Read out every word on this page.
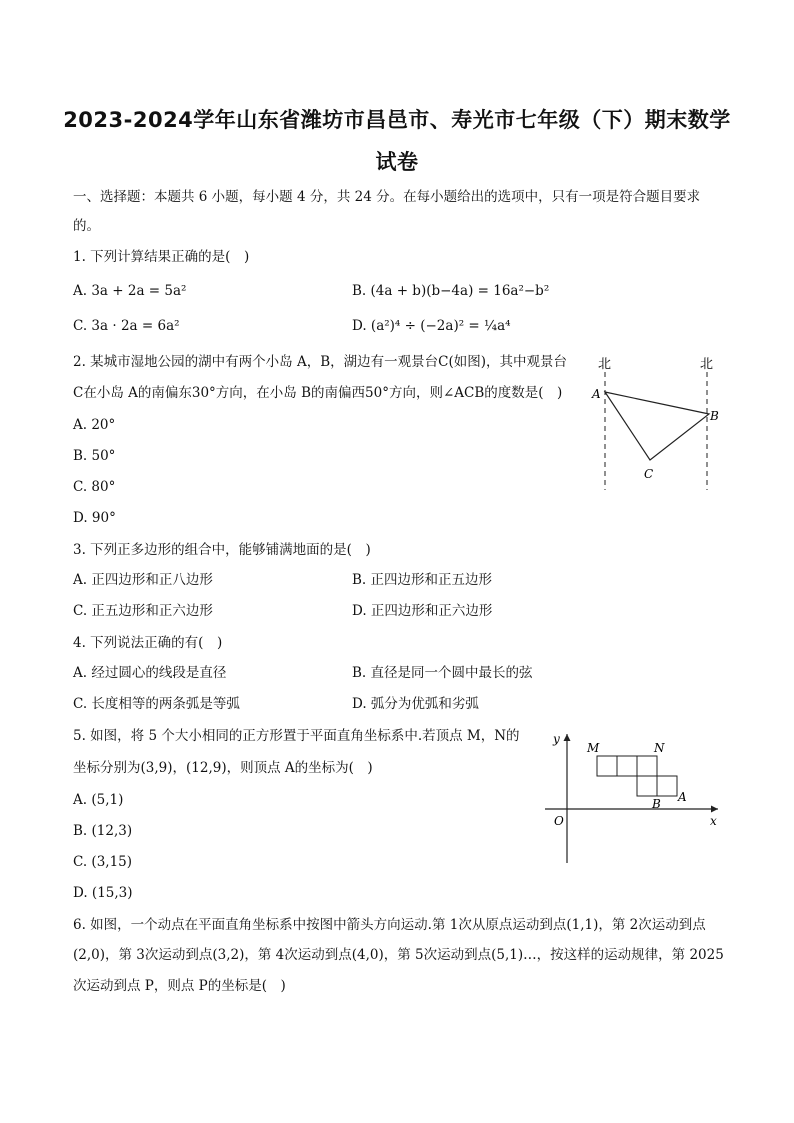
2023-2024学年山东省潍坊市昌邑市、寿光市七年级（下）期末数学
试卷
一、选择题：本题共 6 小题，每小题 4 分，共 24 分。在每小题给出的选项中，只有一项是符合题目要求
的。
1. 下列计算结果正确的是(　)
A. 3a + 2a = 5a²	B. (4a + b)(b−4a) = 16a²−b²
C. 3a · 2a = 6a²	D. (a²)⁴ ÷ (−2a)² = ¼a⁴
2. 某城市湿地公园的湖中有两个小岛 A，B，湖边有一观景台C(如图)，其中观景台
C在小岛 A的南偏东30°方向，在小岛 B的南偏西50°方向，则∠ACB的度数是(　)
A. 20°
B. 50°
C. 80°
D. 90°
北	北
A
B
C
3. 下列正多边形的组合中，能够铺满地面的是(　)
A. 正四边形和正八边形	B. 正四边形和正五边形
C. 正五边形和正六边形	D. 正四边形和正六边形
4. 下列说法正确的有(　)
A. 经过圆心的线段是直径	B. 直径是同一个圆中最长的弦
C. 长度相等的两条弧是等弧	D. 弧分为优弧和劣弧
5. 如图，将 5 个大小相同的正方形置于平面直角坐标系中.若顶点 M，N的
坐标分别为(3,9)，(12,9)，则顶点 A的坐标为(　)
A. (5,1)
B. (12,3)
C. (3,15)
D. (15,3)
y
x
O
M	N
B A
6. 如图，一个动点在平面直角坐标系中按图中箭头方向运动.第 1次从原点运动到点(1,1)，第 2次运动到点
(2,0)，第 3次运动到点(3,2)，第 4次运动到点(4,0)，第 5次运动到点(5,1)…，按这样的运动规律，第 2025
次运动到点 P，则点 P的坐标是(　)
